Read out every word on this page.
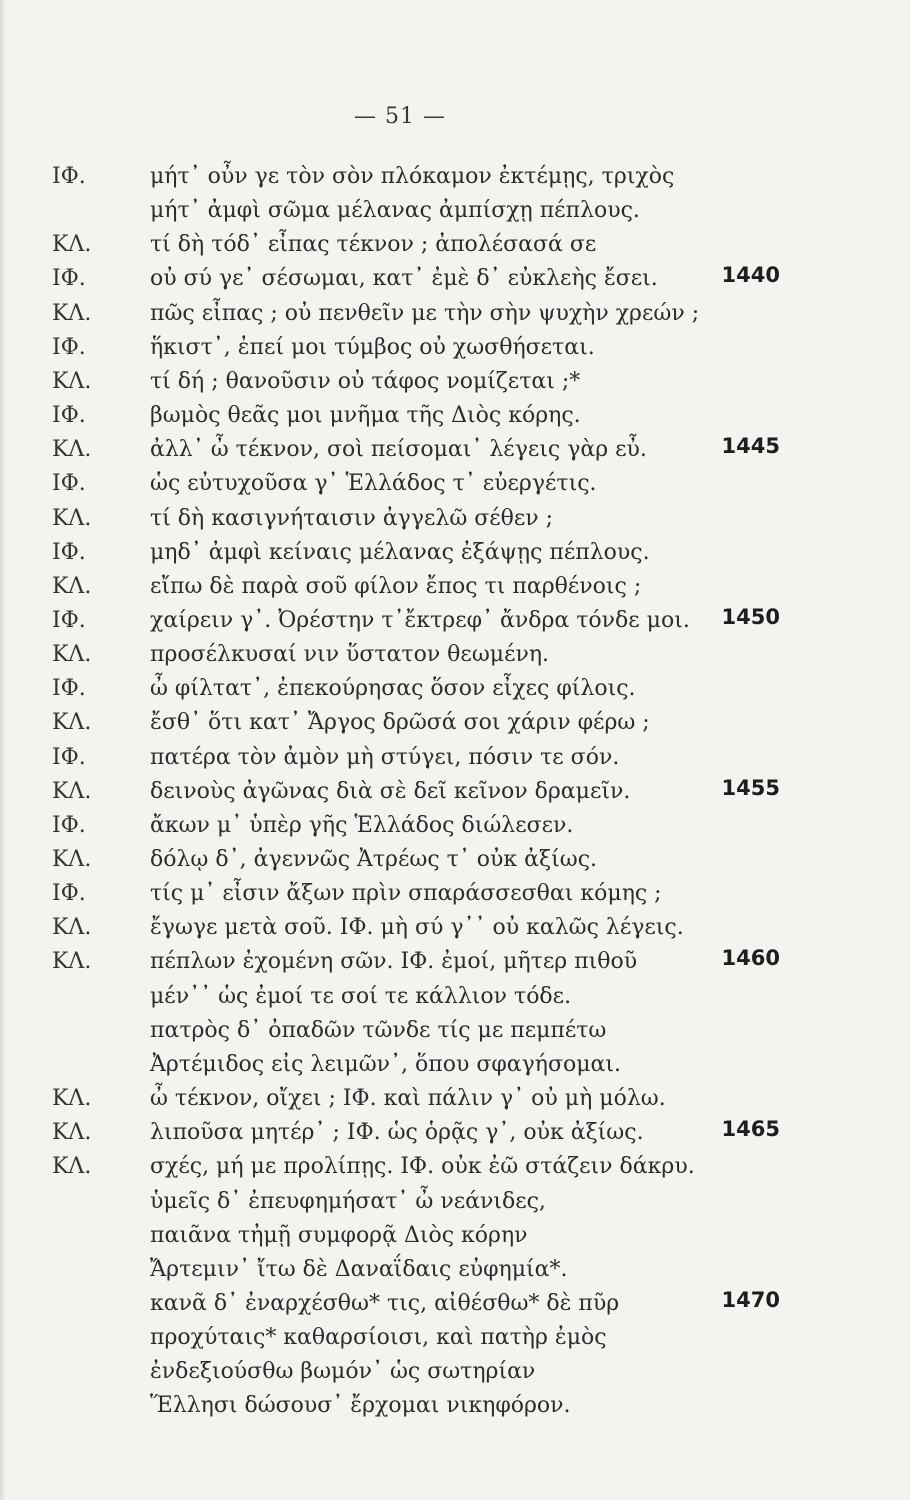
— 51 —
ΙΦ.	μήτ᾽ οὖν γε τὸν σὸν πλόκαμον ἐκτέμῃς, τριχὸς
μήτ᾽ ἀμφὶ σῶμα μέλανας ἀμπίσχῃ πέπλους.
ΚΛ.	τί δὴ τόδ᾽ εἶπας τέκνον ; ἀπολέσασά σε
ΙΦ.	οὐ σύ γε᾽ σέσωμαι, κατ᾽ ἐμὲ δ᾽ εὐκλεὴς ἔσει.	1440
ΚΛ.	πῶς εἶπας ; οὐ πενθεῖν με τὴν σὴν ψυχὴν χρεών ;
ΙΦ.	ἥκιστ᾽, ἐπεί μοι τύμβος οὐ χωσθήσεται.
ΚΛ.	τί δή ; θανοῦσιν οὐ τάφος νομίζεται ;*
ΙΦ.	βωμὸς θεᾶς μοι μνῆμα τῆς Διὸς κόρης.
ΚΛ.	ἀλλ᾽ ὦ τέκνον, σοὶ πείσομαι᾽ λέγεις γὰρ εὖ.	1445
ΙΦ.	ὡς εὐτυχοῦσα γ᾽ Ἑλλάδος τ᾽ εὐεργέτις.
ΚΛ.	τί δὴ κασιγνήταισιν ἀγγελῶ σέθεν ;
ΙΦ.	μηδ᾽ ἀμφὶ κείναις μέλανας ἐξάψῃς πέπλους.
ΚΛ.	εἴπω δὲ παρὰ σοῦ φίλον ἔπος τι παρθένοις ;
ΙΦ.	χαίρειν γ᾽. Ὀρέστην τ᾽ἔκτρεφ᾽ ἄνδρα τόνδε μοι. 1450
ΚΛ.	προσέλκυσαί νιν ὕστατον θεωμένη.
ΙΦ.	ὦ φίλτατ᾽, ἐπεκούρησας ὅσον εἶχες φίλοις.
ΚΛ.	ἔσθ᾽ ὅτι κατ᾽ Ἄργος δρῶσά σοι χάριν φέρω ;
ΙΦ.	πατέρα τὸν ἀμὸν μὴ στύγει, πόσιν τε σόν.
ΚΛ.	δεινοὺς ἀγῶνας διὰ σὲ δεῖ κεῖνον δραμεῖν.	1455
ΙΦ.	ἄκων μ᾽ ὑπὲρ γῆς Ἑλλάδος διώλεσεν.
ΚΛ.	δόλῳ δ᾽, ἀγεννῶς Ἀτρέως τ᾽ οὐκ ἀξίως.
ΙΦ.	τίς μ᾽ εἶσιν ἄξων πρὶν σπαράσσεσθαι κόμης ;
ΚΛ.	ἔγωγε μετὰ σοῦ. ΙΦ. μὴ σύ γ᾽᾽ οὐ καλῶς λέγεις.
ΚΛ.	πέπλων ἐχομένη σῶν. ΙΦ. ἐμοί, μῆτερ πιθοῦ	1460
μέν᾽᾽ ὡς ἐμοί τε σοί τε κάλλιον τόδε.
πατρὸς δ᾽ ὀπαδῶν τῶνδε τίς με πεμπέτω
Ἀρτέμιδος εἰς λειμῶν᾽, ὅπου σφαγήσομαι.
ΚΛ.	ὦ τέκνον, οἴχει ; ΙΦ. καὶ πάλιν γ᾽ οὐ μὴ μόλω.
ΚΛ.	λιποῦσα μητέρ᾽ ; ΙΦ. ὡς ὁρᾷς γ᾽, οὐκ ἀξίως.	1465
ΚΛ.	σχές, μή με προλίπῃς. ΙΦ. οὐκ ἐῶ στάζειν δάκρυ.
ὑμεῖς δ᾽ ἐπευφημήσατ᾽ ὦ νεάνιδες,
παιᾶνα τἠμῇ συμφορᾷ Διὸς κόρην
Ἄρτεμιν᾽ ἴτω δὲ Δαναΐδαις εὐφημία*.
κανᾶ δ᾽ ἐναρχέσθω* τις, αἰθέσθω* δὲ πῦρ	1470
προχύταις* καθαρσίοισι, καὶ πατὴρ ἐμὸς
ἐνδεξιούσθω βωμόν᾽ ὡς σωτηρίαν
Ἕλλησι δώσουσ᾽ ἔρχομαι νικηφόρον.
